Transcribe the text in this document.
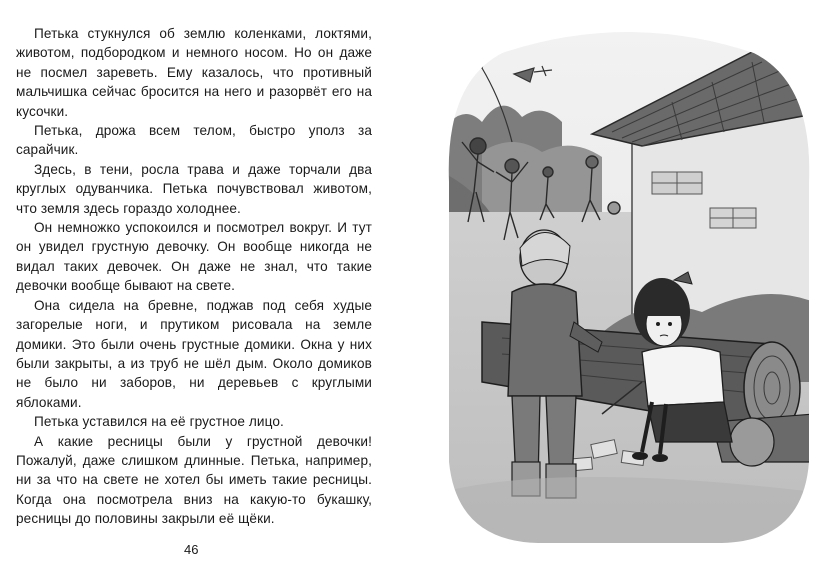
Петька стукнулся об землю коленками, локтями, животом, подбородком и немного носом. Но он даже не посмел зареветь. Ему казалось, что противный мальчишка сейчас бросится на него и разорвёт его на кусочки.

Петька, дрожа всем телом, быстро уполз за сарайчик.

Здесь, в тени, росла трава и даже торчали два круглых одуванчика. Петька почувствовал животом, что земля здесь гораздо холоднее.

Он немножко успокоился и посмотрел вокруг. И тут он увидел грустную девочку. Он вообще никогда не видал таких девочек. Он даже не знал, что такие девочки вообще бывают на свете.

Она сидела на бревне, поджав под себя худые загорелые ноги, и прутиком рисовала на земле домики. Это были очень грустные домики. Окна у них были закрыты, а из труб не шёл дым. Около домиков не было ни заборов, ни деревьев с круглыми яблоками.

Петька уставился на её грустное лицо.

А какие ресницы были у грустной девочки! Пожалуй, даже слишком длинные. Петька, например, ни за что на свете не хотел бы иметь такие ресницы. Когда она посмотрела вниз на какую-то букашку, ресницы до половины закрыли её щёки.

46
